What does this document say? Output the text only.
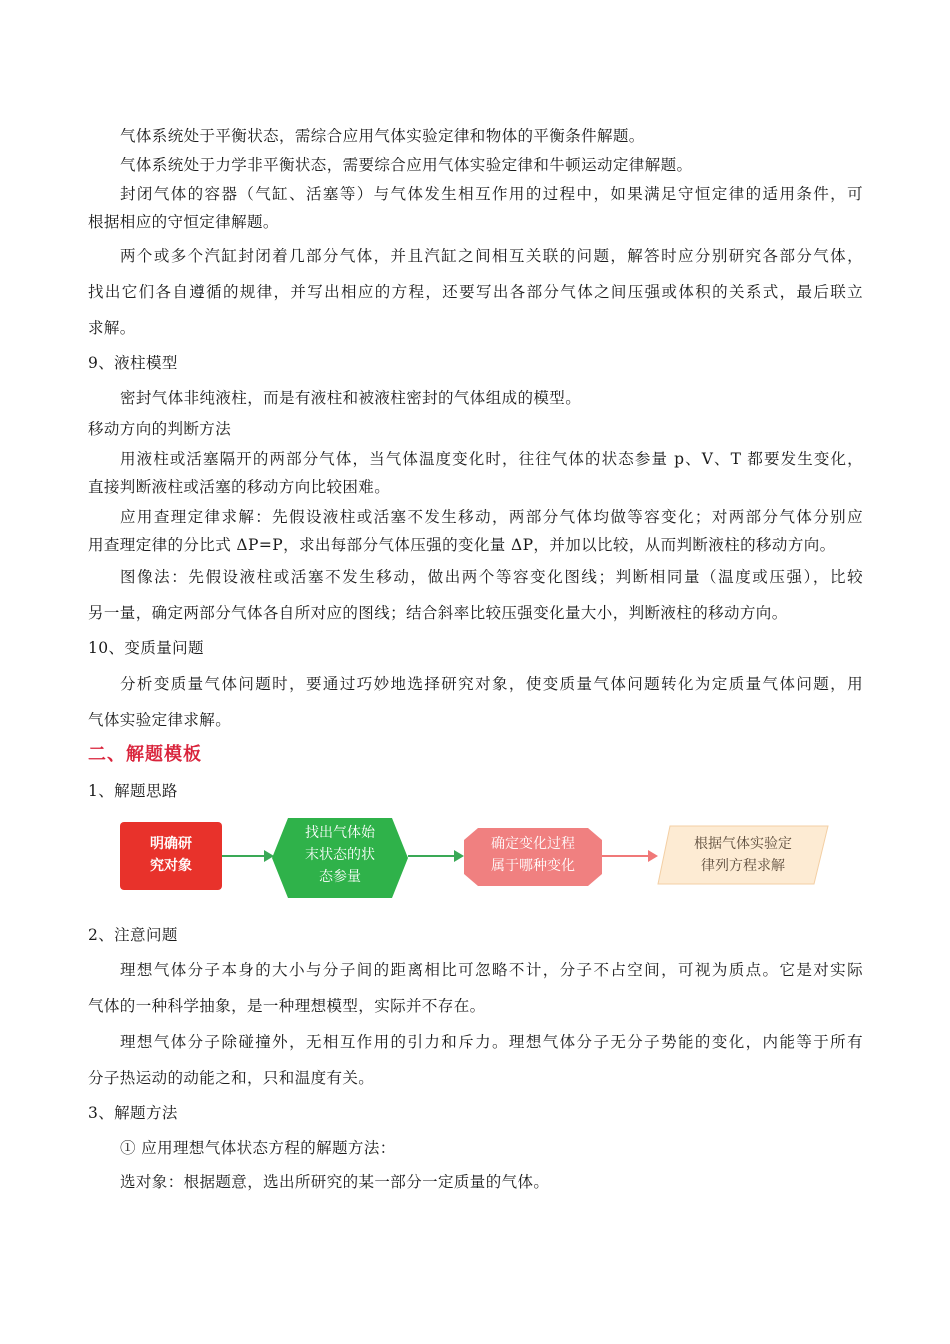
气体系统处于平衡状态，需综合应用气体实验定律和物体的平衡条件解题。
气体系统处于力学非平衡状态，需要综合应用气体实验定律和牛顿运动定律解题。
封闭气体的容器（气缸、活塞等）与气体发生相互作用的过程中，如果满足守恒定律的适用条件，可
根据相应的守恒定律解题。
两个或多个汽缸封闭着几部分气体，并且汽缸之间相互关联的问题，解答时应分别研究各部分气体，
找出它们各自遵循的规律，并写出相应的方程，还要写出各部分气体之间压强或体积的关系式，最后联立
求解。
9、液柱模型
密封气体非纯液柱，而是有液柱和被液柱密封的气体组成的模型。
移动方向的判断方法
用液柱或活塞隔开的两部分气体，当气体温度变化时，往往气体的状态参量 p、V、T 都要发生变化，
直接判断液柱或活塞的移动方向比较困难。
应用查理定律求解：先假设液柱或活塞不发生移动，两部分气体均做等容变化；对两部分气体分别应
用查理定律的分比式 ΔP=P，求出每部分气体压强的变化量 ΔP，并加以比较，从而判断液柱的移动方向。
图像法：先假设液柱或活塞不发生移动，做出两个等容变化图线；判断相同量（温度或压强），比较
另一量，确定两部分气体各自所对应的图线；结合斜率比较压强变化量大小，判断液柱的移动方向。
10、变质量问题
分析变质量气体问题时，要通过巧妙地选择研究对象，使变质量气体问题转化为定质量气体问题，用
气体实验定律求解。
二、解题模板
1、解题思路
明确研
究对象
找出气体始
末状态的状
态参量
确定变化过程
属于哪种变化
根据气体实验定
律列方程求解
2、注意问题
理想气体分子本身的大小与分子间的距离相比可忽略不计，分子不占空间，可视为质点。它是对实际
气体的一种科学抽象，是一种理想模型，实际并不存在。
理想气体分子除碰撞外，无相互作用的引力和斥力。理想气体分子无分子势能的变化，内能等于所有
分子热运动的动能之和，只和温度有关。
3、解题方法
① 应用理想气体状态方程的解题方法：
选对象：根据题意，选出所研究的某一部分一定质量的气体。
